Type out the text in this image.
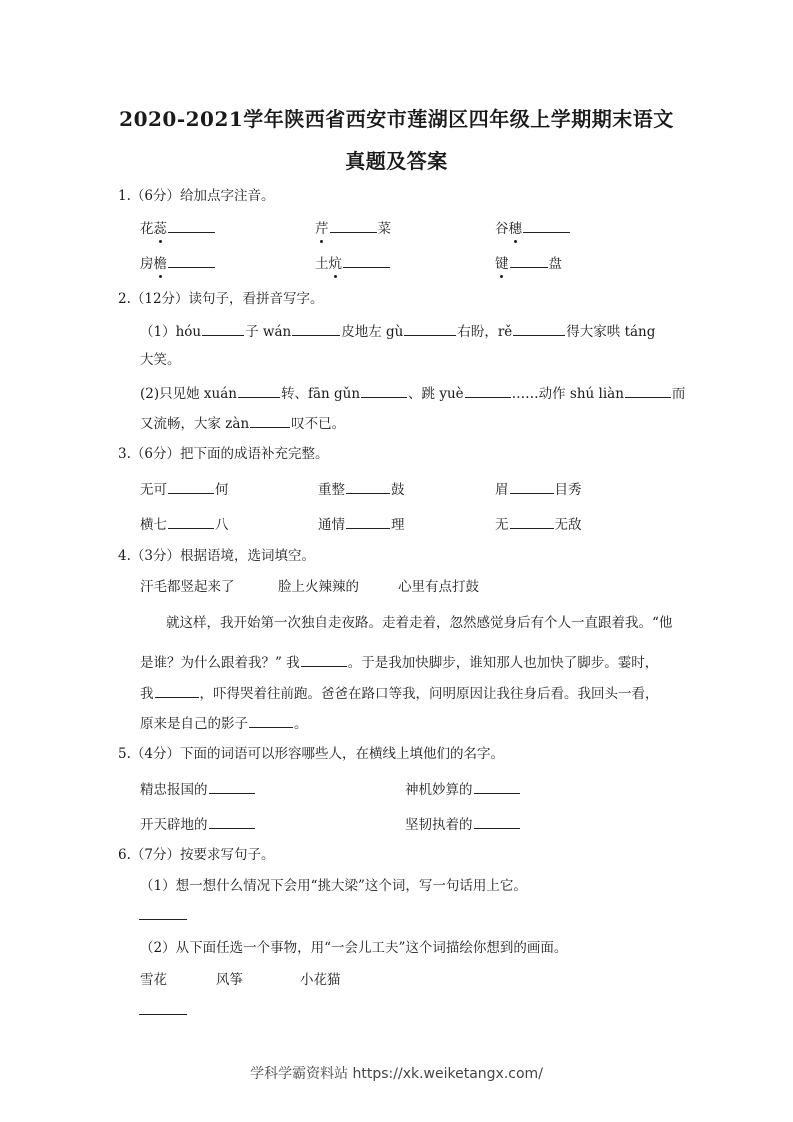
2020-2021学年陕西省西安市莲湖区四年级上学期期末语文
真题及答案
1.（6分）给加点字注音。
花蕊	芹	菜	谷穗
房檐	土炕	键	盘
2.（12分）读句子，看拼音写字。
（1）hóu	子 wán	皮地左 gù	右盼，rě	得大家哄 táng
大笑。
(2)只见她 xuán	转、fān gǔn	、跳 yuè	……动作 shú liàn	而
又流畅，大家 zàn	叹不已。
3.（6分）把下面的成语补充完整。
无可	何	重整	鼓	眉	目秀
横七	八	通情	理	无	无敌
4.（3分）根据语境，选词填空。
汗毛都竖起来了	脸上火辣辣的	心里有点打鼓
就这样，我开始第一次独自走夜路。走着走着，忽然感觉身后有个人一直跟着我。“他
是谁？为什么跟着我？” 我	。于是我加快脚步，谁知那人也加快了脚步。霎时，
我	，吓得哭着往前跑。爸爸在路口等我，问明原因让我往身后看。我回头一看，
原来是自己的影子	。
5.（4分）下面的词语可以形容哪些人，在横线上填他们的名字。
精忠报国的	神机妙算的
开天辟地的	坚韧执着的
6.（7分）按要求写句子。
（1）想一想什么情况下会用“挑大梁”这个词，写一句话用上它。
（2）从下面任选一个事物，用“一会儿工夫”这个词描绘你想到的画面。
雪花	风筝	小花猫
学科学霸资料站 https://xk.weiketangx.com/
